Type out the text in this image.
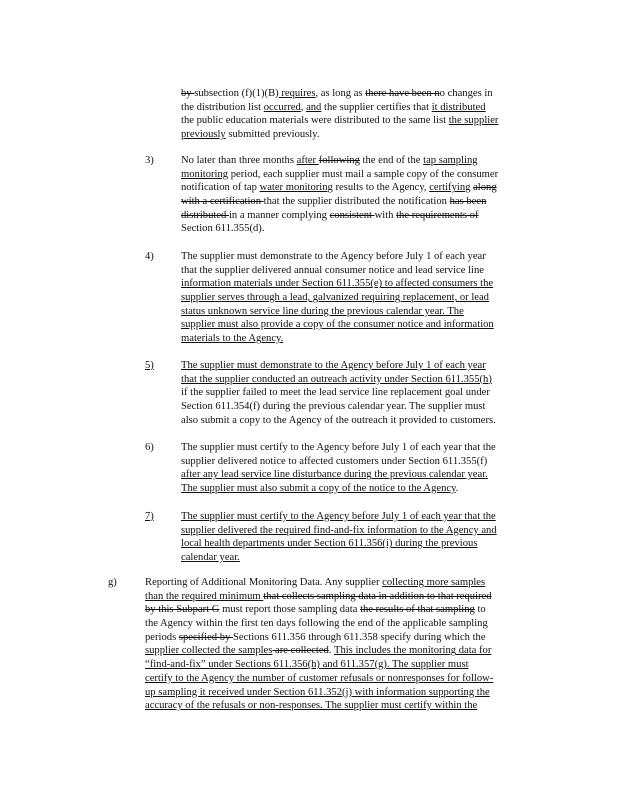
by subsection (f)(1)(B) requires, as long as there have been no changes in
the distribution list occurred, and the supplier certifies that it distributed
the public education materials were distributed to the same list the supplier
previously submitted previously.
3)	No later than three months after following the end of the tap sampling
monitoring period, each supplier must mail a sample copy of the consumer
notification of tap water monitoring results to the Agency, certifying along
with a certification that the supplier distributed the notification has been
distributed in a manner complying consistent with the requirements of
Section 611.355(d).
4)	The supplier must demonstrate to the Agency before July 1 of each year
that the supplier delivered annual consumer notice and lead service line
information materials under Section 611.355(e) to affected consumers the
supplier serves through a lead, galvanized requiring replacement, or lead
status unknown service line during the previous calendar year. The
supplier must also provide a copy of the consumer notice and information
materials to the Agency.
5)	The supplier must demonstrate to the Agency before July 1 of each year
that the supplier conducted an outreach activity under Section 611.355(h)
if the supplier failed to meet the lead service line replacement goal under
Section 611.354(f) during the previous calendar year. The supplier must
also submit a copy to the Agency of the outreach it provided to customers.
6)	The supplier must certify to the Agency before July 1 of each year that the
supplier delivered notice to affected customers under Section 611.355(f)
after any lead service line disturbance during the previous calendar year.
The supplier must also submit a copy of the notice to the Agency.
7)	The supplier must certify to the Agency before July 1 of each year that the
supplier delivered the required find-and-fix information to the Agency and
local health departments under Section 611.356(i) during the previous
calendar year.
g)	Reporting of Additional Monitoring Data. Any supplier collecting more samples
than the required minimum that collects sampling data in addition to that required
by this Subpart G must report those sampling data the results of that sampling to
the Agency within the first ten days following the end of the applicable sampling
periods specified by Sections 611.356 through 611.358 specify during which the
supplier collected the samples are collected. This includes the monitoring data for
“find-and-fix” under Sections 611.356(h) and 611.357(g). The supplier must
certify to the Agency the number of customer refusals or nonresponses for follow-
up sampling it received under Section 611.352(j) with information supporting the
accuracy of the refusals or non-responses. The supplier must certify within the
